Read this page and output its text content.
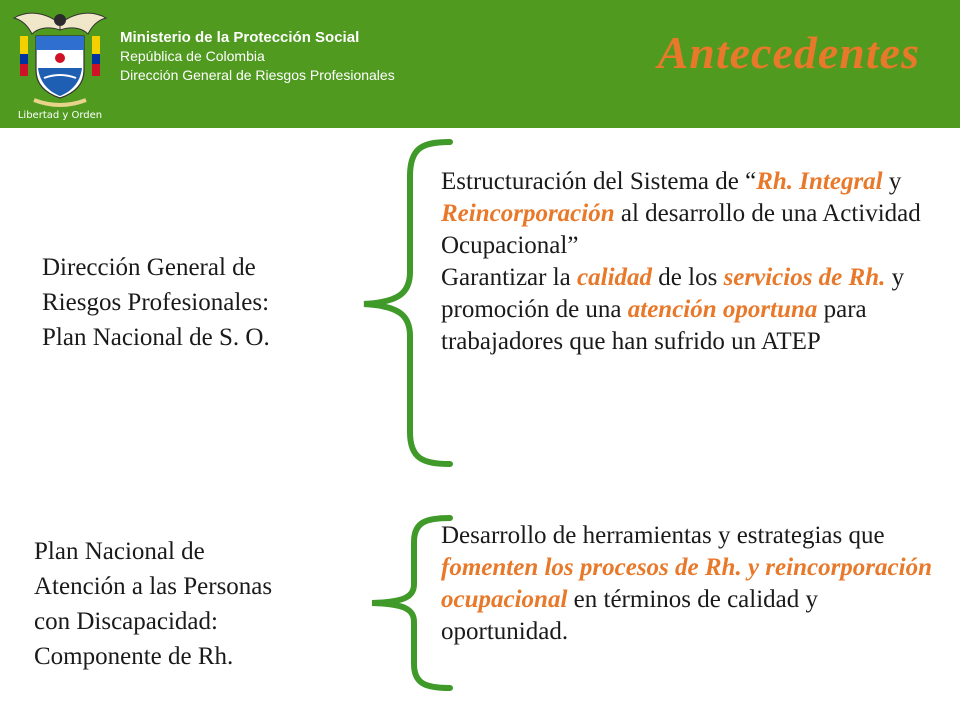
Libertad y Orden
Ministerio de la Protección Social
República de Colombia
Dirección General de Riesgos Profesionales	Antecedentes
Dirección General de
Riesgos Profesionales:
Plan Nacional de S. O.
Estructuración del Sistema de “Rh. Integral y Reincorporación al desarrollo de una Actividad Ocupacional”
Garantizar la calidad de los servicios de Rh. y promoción de una atención oportuna para trabajadores que han sufrido un ATEP
Plan Nacional de
Atención a las Personas
con Discapacidad:
Componente de Rh.
Desarrollo de herramientas y estrategias que fomenten los procesos de Rh. y reincorporación ocupacional en términos de calidad y oportunidad.
